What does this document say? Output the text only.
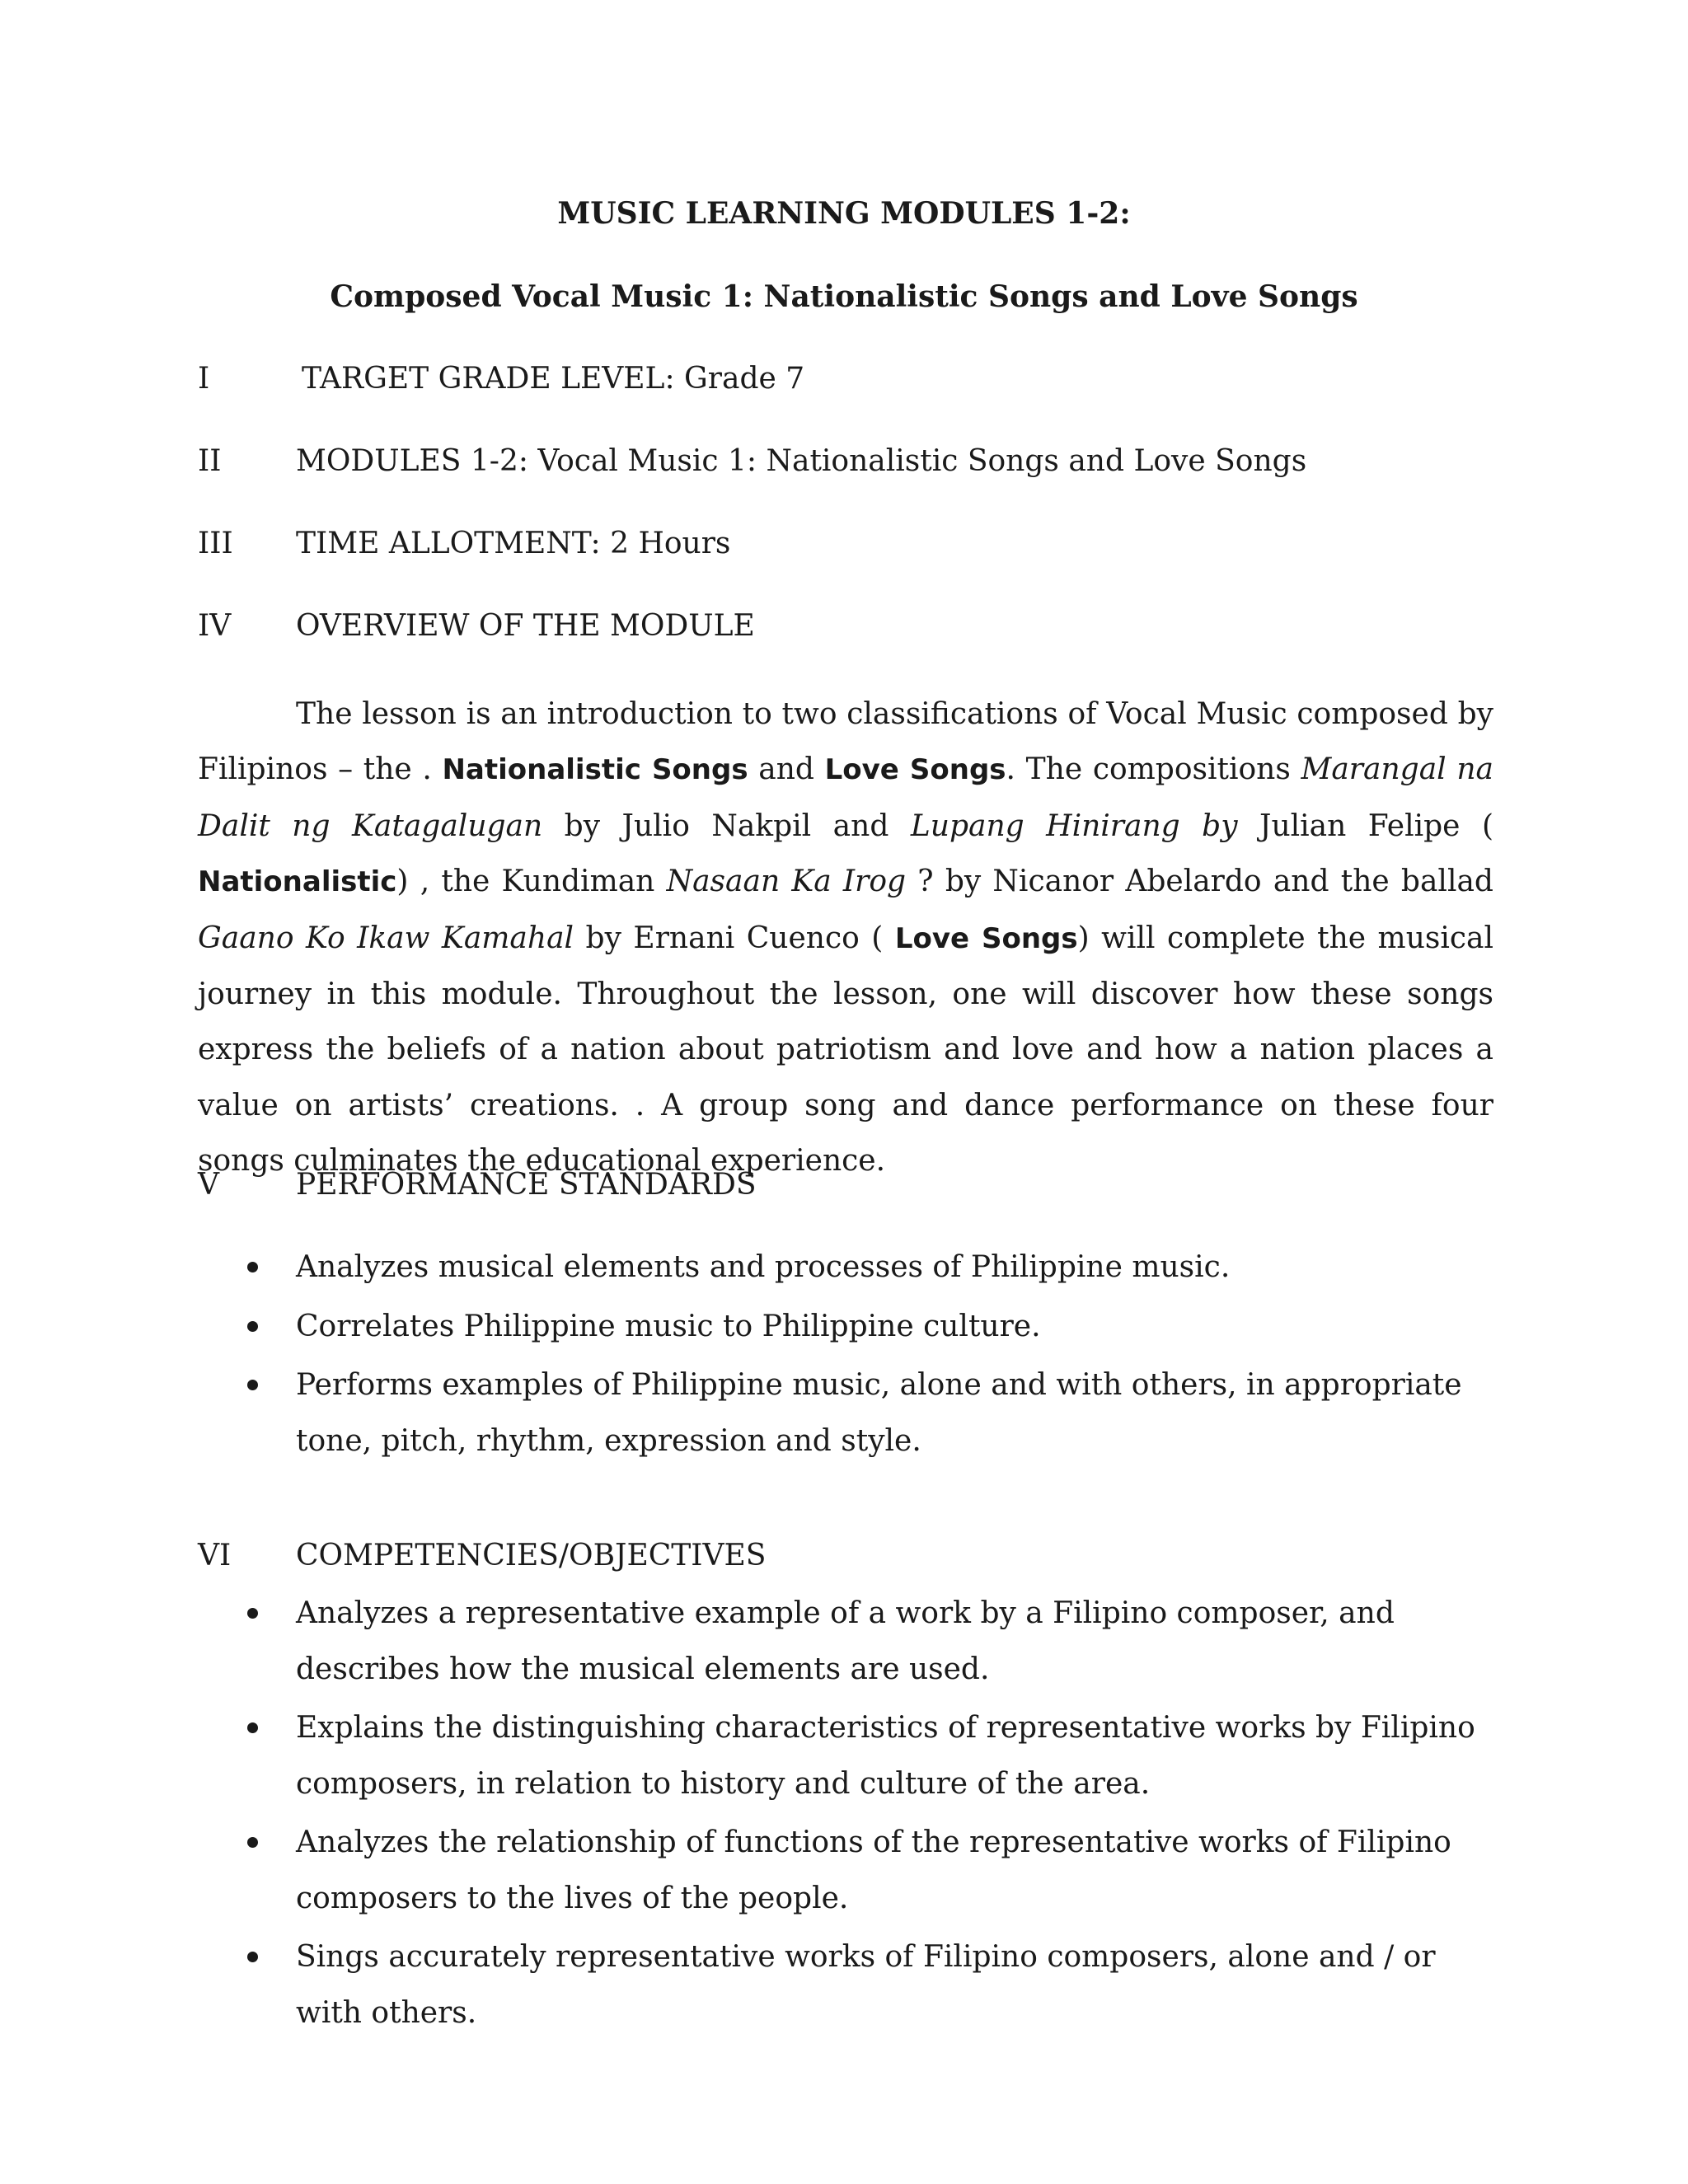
MUSIC LEARNING MODULES 1-2:
Composed Vocal Music 1: Nationalistic Songs and Love Songs
I	TARGET GRADE LEVEL: Grade 7
II	MODULES 1-2: Vocal Music 1: Nationalistic Songs and Love Songs
III TIME ALLOTMENT: 2 Hours
IV OVERVIEW OF THE MODULE
The lesson is an introduction to two classifications of Vocal Music composed by Filipinos – the . Nationalistic Songs and Love Songs. The compositions Marangal na Dalit ng Katagalugan by Julio Nakpil and Lupang Hinirang by Julian Felipe ( Nationalistic) , the Kundiman Nasaan Ka Irog ? by Nicanor Abelardo and the ballad Gaano Ko Ikaw Kamahal by Ernani Cuenco ( Love Songs) will complete the musical journey in this module. Throughout the lesson, one will discover how these songs express the beliefs of a nation about patriotism and love and how a nation places a value on artists’ creations. . A group song and dance performance on these four songs culminates the educational experience.
V	PERFORMANCE STANDARDS
Analyzes musical elements and processes of Philippine music.
Correlates Philippine music to Philippine culture.
Performs examples of Philippine music, alone and with others, in appropriate tone, pitch, rhythm, expression and style.
VI COMPETENCIES/OBJECTIVES
Analyzes a representative example of a work by a Filipino composer, and describes how the musical elements are used.
Explains the distinguishing characteristics of representative works by Filipino composers, in relation to history and culture of the area.
Analyzes the relationship of functions of the representative works of Filipino composers to the lives of the people.
Sings accurately representative works of Filipino composers, alone and / or with others.
